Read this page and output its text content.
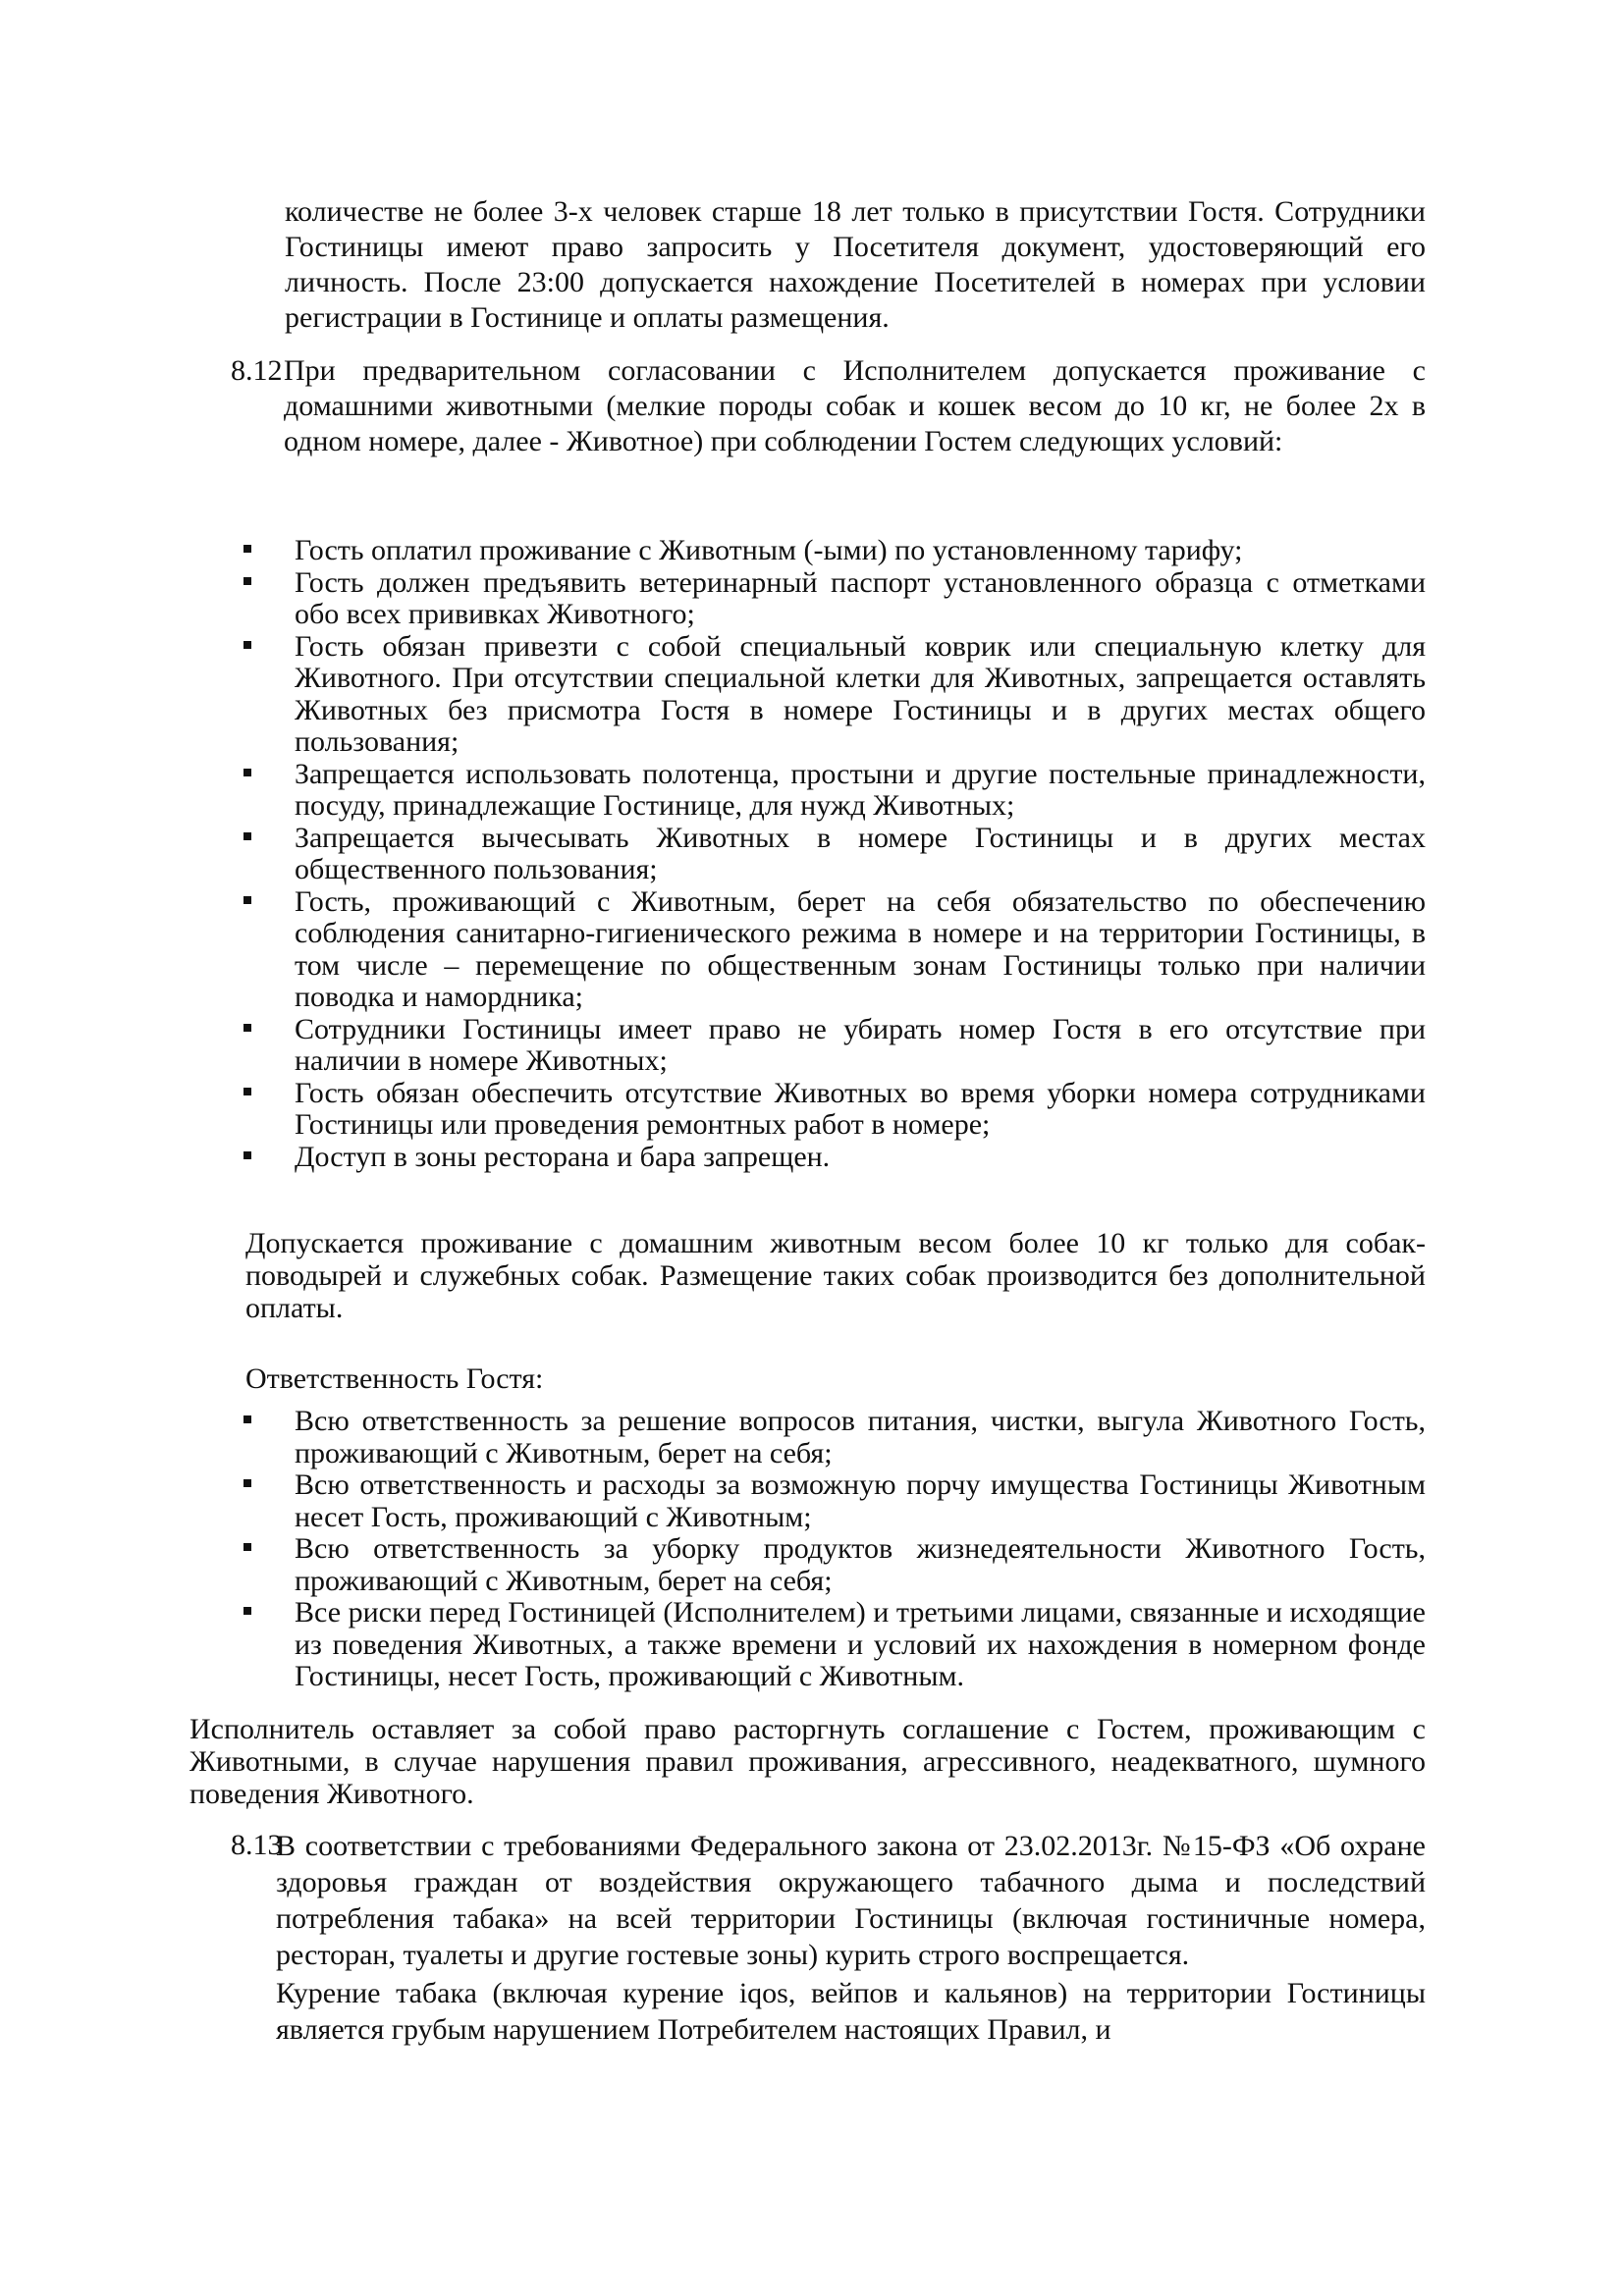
количестве не более 3-х человек старше 18 лет только в присутствии Гостя. Сотрудники Гостиницы имеют право запросить у Посетителя документ, удостоверяющий его личность. После 23:00 допускается нахождение Посетителей в номерах при условии регистрации в Гостинице и оплаты размещения.

8.12 При предварительном согласовании с Исполнителем допускается проживание с домашними животными (мелкие породы собак и кошек весом до 10 кг, не более 2х в одном номере, далее - Животное) при соблюдении Гостем следующих условий:

Гость оплатил проживание с Животным (-ыми) по установленному тарифу;
Гость должен предъявить ветеринарный паспорт установленного образца с отметками обо всех прививках Животного;
Гость обязан привезти с собой специальный коврик или специальную клетку для Животного. При отсутствии специальной клетки для Животных, запрещается оставлять Животных без присмотра Гостя в номере Гостиницы и в других местах общего пользования;
Запрещается использовать полотенца, простыни и другие постельные принадлежности, посуду, принадлежащие Гостинице, для нужд Животных;
Запрещается вычесывать Животных в номере Гостиницы и в других местах общественного пользования;
Гость, проживающий с Животным, берет на себя обязательство по обеспечению соблюдения санитарно-гигиенического режима в номере и на территории Гостиницы, в том числе – перемещение по общественным зонам Гостиницы только при наличии поводка и намордника;
Сотрудники Гостиницы имеет право не убирать номер Гостя в его отсутствие при наличии в номере Животных;
Гость обязан обеспечить отсутствие Животных во время уборки номера сотрудниками Гостиницы или проведения ремонтных работ в номере;
Доступ в зоны ресторана и бара запрещен.

Допускается проживание с домашним животным весом более 10 кг только для собак-поводырей и служебных собак. Размещение таких собак производится без дополнительной оплаты.

Ответственность Гостя:

Всю ответственность за решение вопросов питания, чистки, выгула Животного Гость, проживающий с Животным, берет на себя;
Всю ответственность и расходы за возможную порчу имущества Гостиницы Животным несет Гость, проживающий с Животным;
Всю ответственность за уборку продуктов жизнедеятельности Животного Гость, проживающий с Животным, берет на себя;
Все риски перед Гостиницей (Исполнителем) и третьими лицами, связанные и исходящие из поведения Животных, а также времени и условий их нахождения в номерном фонде Гостиницы, несет Гость, проживающий с Животным.

Исполнитель оставляет за собой право расторгнуть соглашение с Гостем, проживающим с Животными, в случае нарушения правил проживания, агрессивного, неадекватного, шумного поведения Животного.

8.13

В соответствии с требованиями Федерального закона от 23.02.2013г. №15-ФЗ «Об охране здоровья граждан от воздействия окружающего табачного дыма и последствий потребления табака» на всей территории Гостиницы (включая гостиничные номера, ресторан, туалеты и другие гостевые зоны) курить строго воспрещается.

Курение табака (включая курение iqos, вейпов и кальянов) на территории Гостиницы является грубым нарушением Потребителем настоящих Правил, и
